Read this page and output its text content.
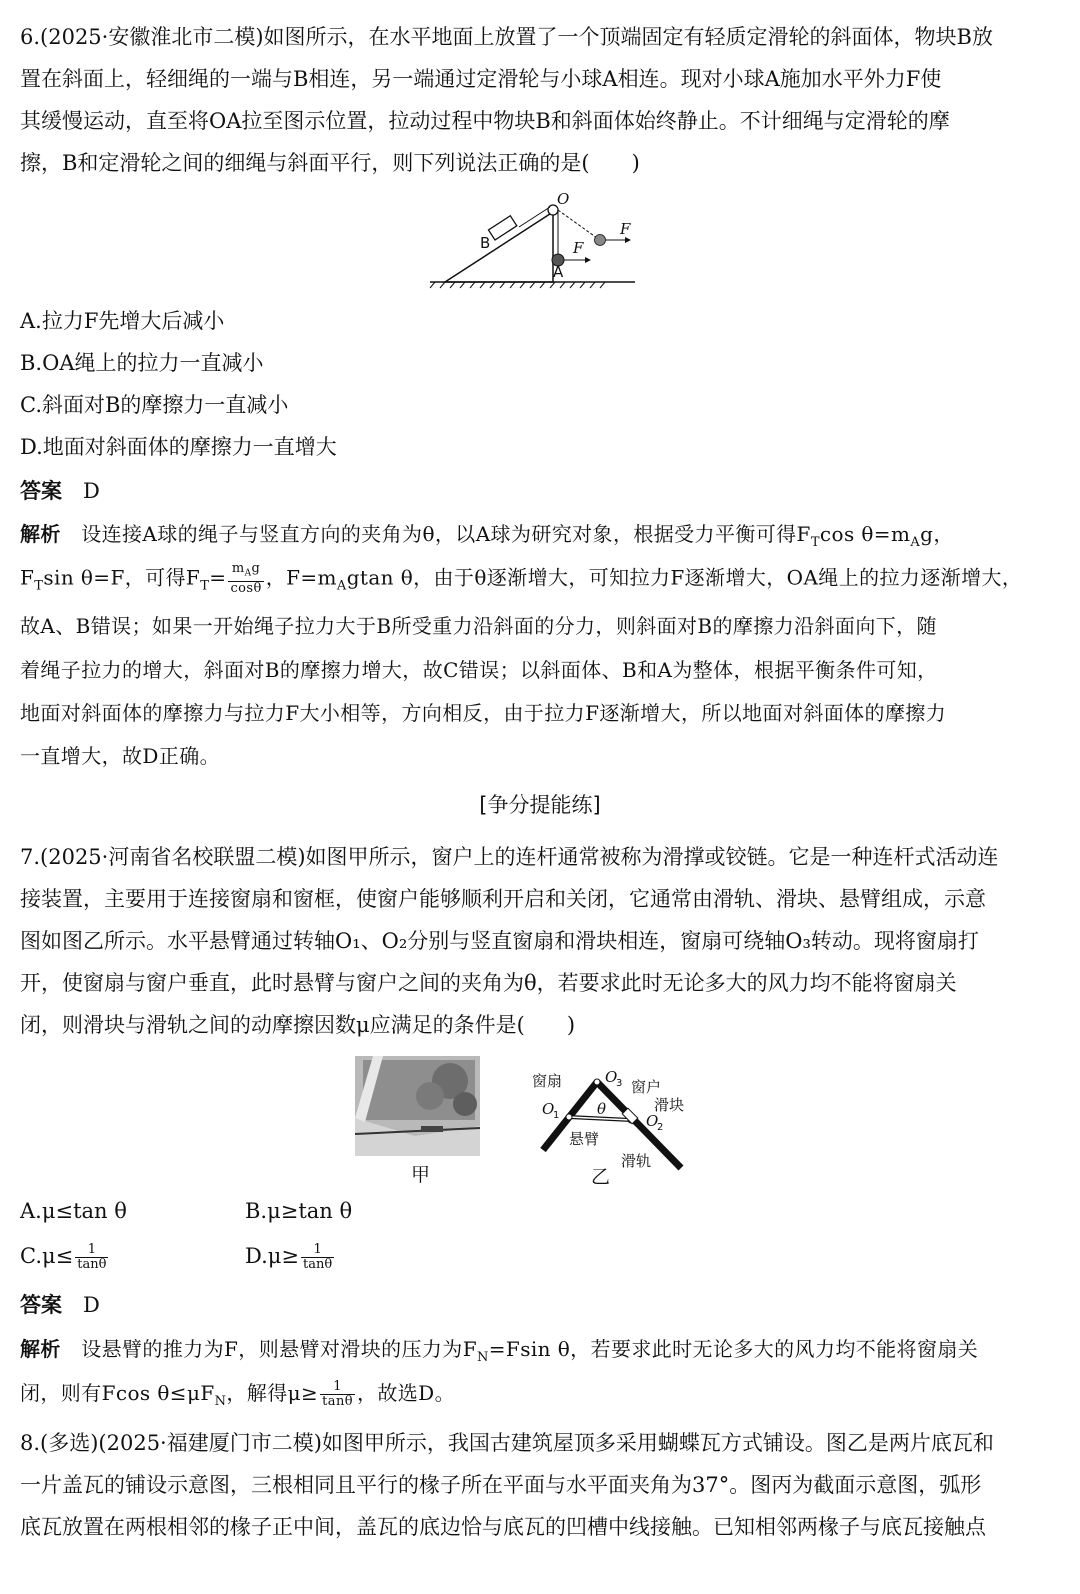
6.(2025·安徽淮北市二模)如图所示，在水平地面上放置了一个顶端固定有轻质定滑轮的斜面体，物块B放
置在斜面上，轻细绳的一端与B相连，另一端通过定滑轮与小球A相连。现对小球A施加水平外力F使
其缓慢运动，直至将OA拉至图示位置，拉动过程中物块B和斜面体始终静止。不计细绳与定滑轮的摩
擦，B和定滑轮之间的细绳与斜面平行，则下列说法正确的是(　　)
B
A
O
F
F
A.拉力F先增大后减小
B.OA绳上的拉力一直减小
C.斜面对B的摩擦力一直减小
D.地面对斜面体的摩擦力一直增大
答案  D
解析  设连接A球的绳子与竖直方向的夹角为θ，以A球为研究对象，根据受力平衡可得$F_T\cos$ $\theta=m_Ag$，
$F_T\sin$ θ=F，可得$F_T= \frac{m_Ag}{\cos\theta}$ ，$F=m_Agtan$ θ，由于θ逐渐增大，可知拉力F逐渐增大，OA绳上的拉力逐渐增大，
故A、B错误；如果一开始绳子拉力大于B所受重力沿斜面的分力，则斜面对B的摩擦力沿斜面向下，随
着绳子拉力的增大，斜面对B的摩擦力增大，故C错误；以斜面体、B和A为整体，根据平衡条件可知，
地面对斜面体的摩擦力与拉力F大小相等，方向相反，由于拉力F逐渐增大，所以地面对斜面体的摩擦力
一直增大，故D正确。
[争分提能练]
7.(2025·河南省名校联盟二模)如图甲所示，窗户上的连杆通常被称为滑撑或铰链。它是一种连杆式活动连
接装置，主要用于连接窗扇和窗框，使窗户能够顺利开启和关闭，它通常由滑轨、滑块、悬臂组成，示意
图如图乙所示。水平悬臂通过转轴O₁、O₂分别与竖直窗扇和滑块相连，窗扇可绕轴O₃转动。现将窗扇打
开，使窗扇与窗户垂直，此时悬臂与窗户之间的夹角为θ，若要求此时无论多大的风力均不能将窗扇关
闭，则滑块与滑轨之间的动摩擦因数μ应满足的条件是(　　)
甲
窗扇	O
3 窗户
O
1	θ	滑块
O
2
悬臂
滑轨
乙
A.μ≤tan θ	B.μ≥tan θ
$C.\mu\le \frac{1}{\tan\theta}$	$D.\mu\ge \frac{1}{\tan\theta}$
答案  D
解析  设悬臂的推力为F，则悬臂对滑块的压力为$F_N=Fsin$ θ，若要求此时无论多大的风力均不能将窗扇关
闭，则有Fcos $\theta\le\mu F_N$，解得$\mu\ge \frac{1}{\tan\theta}$ ，故选D。
8.(多选)(2025·福建厦门市二模)如图甲所示，我国古建筑屋顶多采用蝴蝶瓦方式铺设。图乙是两片底瓦和
一片盖瓦的铺设示意图，三根相同且平行的椽子所在平面与水平面夹角为37°。图丙为截面示意图，弧形
底瓦放置在两根相邻的椽子正中间，盖瓦的底边恰与底瓦的凹槽中线接触。已知相邻两椽子与底瓦接触点
